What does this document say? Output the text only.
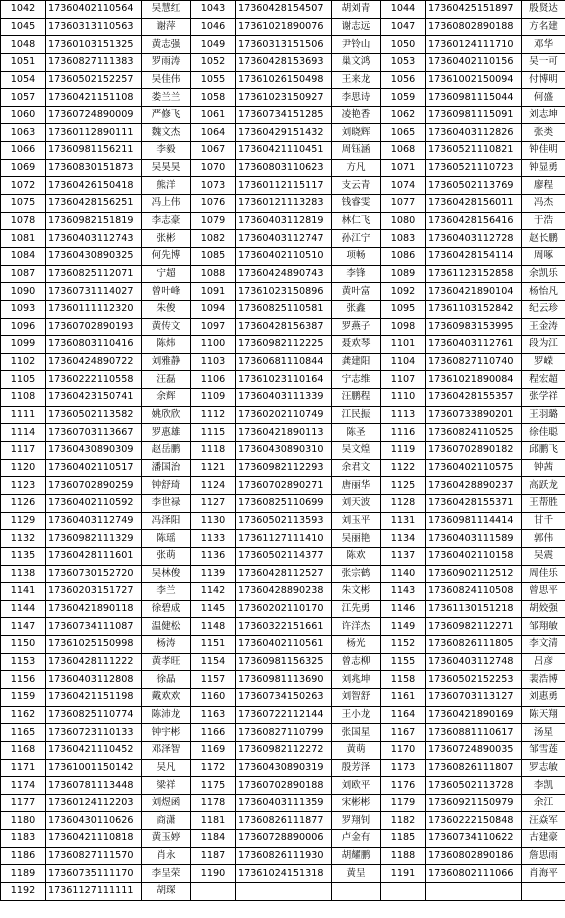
1042	17360402110564	吴慧红	1043	17360428154507	胡刘青	1044	17360425151897	殷贤达
1045	17360313110563	谢萍	1046	17361021890076	谢志远	1047	17360802890188	方名建
1048	17360103151325	黄志强	1049	17360313151506	尹铃山	1050	17360124111710	邓华
1051	17360827111383	罗雨涛	1052	17360428153693	巢文鸿	1053	17360402110156	吴一可
1054	17360502152257	吴佳伟	1055	17361026150498	王来龙	1056	17361002150094	付博明
1057	17360421151108	娄兰兰	1058	17361023150927	李思诗	1059	17360981115044	何盛
1060	17360724890009	严修飞	1061	17360734151285	凌艳香	1062	17360981115091	刘志坤
1063	17360112890111	魏文杰	1064	17360429151432	刘晓辉	1065	17360403112826	张类
1066	17360981156211	李毅	1067	17360421110451	周钰涵	1068	17360521110821	钟佳明
1069	17360830151873	吴昊昊	1070	17360803110623	方凡	1071	17360521110723	钟显勇
1072	17360426150418	熊洋	1073	17360112115117	支云青	1074	17360502113769	廖程
1075	17360428156251	冯上伟	1076	17360121113283	钱睿雯	1077	17360428156011	冯杰
1078	17360982151819	李志豪	1079	17360403112819	林仁飞	1080	17360428156416	于浩
1081	17360403112743	张彬	1082	17360403112747	孙江宁	1083	17360403112728	赵长鹏
1084	17360430890325	何先博	1085	17360402110510	项畅	1086	17360428154114	周啄
1087	17360825112071	宁超	1088	17360424890743	李锋	1089	17361123152858	余凯乐
1090	17360731114027	曾叶峰	1091	17361023150896	黄叶富	1092	17360421890104	杨怡凡
1093	17360111112320	朱俊	1094	17360825110581	张鑫	1095	17361103152842	纪云珍
1096	17360702890193	黄传文	1097	17360428156387	罗燕子	1098	17360983153995	王金涛
1099	17360803110416	陈炜	1100	17360982112225	聂欢琴	1101	17360403112761	段为江
1102	17360424890722	刘雅静	1103	17360681110844	龚建阳	1104	17360827110740	罗嵘
1105	17360222110558	汪磊	1106	17361023110164	宁志维	1107	17361021890084	程宏超
1108	17360423150741	余辉	1109	17360403111339	汪鹏程	1110	17360428155357	张学祥
1111	17360502113582	姚欣欣	1112	17360202110749	江民振	1113	17360733890201	王羽璐
1114	17360703113667	罗惠雄	1115	17360421890113	陈圣	1116	17360824110525	徐佳聪
1117	17360430890309	赵岳鹏	1118	17360430890310	吴文煌	1119	17360702890182	邱鹏飞
1120	17360402110517	潘国治	1121	17360982112293	余君文	1122	17360402110575	钟茜
1123	17360702890259	钟舒琦	1124	17360702890271	唐丽华	1125	17360428890237	高跃龙
1126	17360402110592	李世禄	1127	17360825110699	刘天波	1128	17360428155371	王帮胜
1129	17360403112749	冯泽阳	1130	17360502113593	刘玉平	1131	17360981114414	甘千
1132	17360982111329	陈瑶	1133	17361127111410	吴丽艳	1134	17360403111589	郭伟
1135	17360428111601	张萌	1136	17360502114377	陈欢	1137	17360402110158	吴震
1138	17360730152720	吴林俊	1139	17360428112527	张宗鹤	1140	17360902112512	周佳乐
1141	17360203151727	李兰	1142	17360428890238	朱文彬	1143	17360824110508	曾思平
1144	17360421890118	徐碧成	1145	17360202110170	江先勇	1146	17361130151218	胡姣强
1147	17360734111087	温健松	1148	17360322151661	许洋杰	1149	17360982112271	邹翔敏
1150	17361025150998	杨涛	1151	17360402110561	杨光	1152	17360826111805	李文清
1153	17360428111222	黄孝旺	1154	17360981156325	曾志柳	1155	17360403112748	吕彦
1156	17360403112808	徐晶	1157	17360981113690	刘兆坤	1158	17360502152253	裴浩博
1159	17360421151198	戴欢欢	1160	17360734150263	刘智舒	1161	17360703113127	刘惠勇
1162	17360825110774	陈沛龙	1163	17360722112144	王小龙	1164	17360421890169	陈天翔
1165	17360723110133	钟宇彬	1166	17360827110799	张国星	1167	17360881110617	汤星
1168	17360421110452	邓泽智	1169	17360982112272	黄萌	1170	17360724890035	邹雪莲
1171	17361001150142	吴凡	1172	17360430890319	殷芳泽	1173	17360826111807	罗志敏
1174	17360781113448	梁祥	1175	17360702890188	刘欧平	1176	17360502113728	李凯
1177	17360124112203	刘煜函	1178	17360403111359	宋彬彬	1179	17360921150979	余江
1180	17360430110626	商潇	1181	17360826111877	罗翔钊	1182	17360222150848	汪焱军
1183	17360421110818	黄玉婷	1184	17360728890006	卢金有	1185	17360734110622	古建豪
1186	17360827111570	肖永	1187	17360826111930	胡耀鹏	1188	17360802890186	詹思雨
1189	17360735111170	李呈荣	1190	17361024151318	黄呈	1191	17360802111066	肖海平
1192	17361127111111	胡琛						
